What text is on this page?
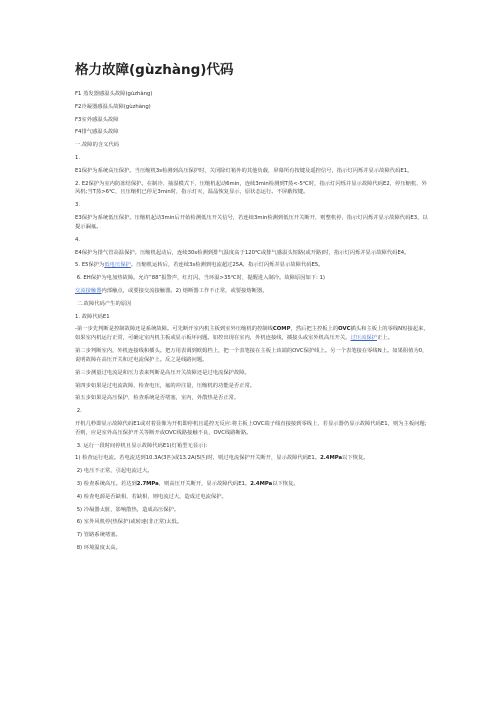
格力故障(gùzhàng)代码
F1 蒸发器感温头故障(gùzhàng)
F2冷凝器感温头故障(gùzhàng)
F3室外感温头故障
F4排气感温头故障
一.故障的含义代码
1.
E1保护为系统高压保护。当压缩机3s检测到高压保护时，关闭除灯箱外的其他负载，屏幕所有按键及遥控信号，指示灯闪烁并显示故障代码E1。
2. E2保护为室内防冻结保护。在制冷、抽湿模式下，压缩机起动6min，连续3min检测到T蒸<-5℃时，指示灯闪烁并显示故障代码E2，停压缩机、外风机;当T蒸>6℃，且压缩机已停足3min时，指示灯灭，温晶恢复显示，原状态运行。不屏蔽按键。
3.
E3保护为系统低压保护。压缩机起动3min后开始检测低压开关信号，若连续3min检测到低压开关断开，则整机停，指示灯闪烁并显示故障代码E3，以提示漏氟。
4.
E4保护为排气管高温保护。压缩机起动后，连续30s检测到排气温度高于120℃或排气感温头短路(或开路)时，指示灯闪烁并显示故障代码E4。
5. E5保护为低电压保护。压缩机运转后，若连续3s检测到电流超过25A，指示灯闪烁并显示故障代码E5。
6. EH保护为电加热故障。允许“88”报警声，红灯闪。当环温>35℃时，提醒进入制冷。故障原因如下: 1)
交流接触器内部触点，或要接交流接触器。2) 熔断器工作不正常，或要接熔断器。
二.故障代码产生的原因
1. 故障代码E1
-第一步先判断是控制故障还是系统故障。可先断开室内机主板到室外压缩机的控制线COMP，然后把主控板上的OVC插头和主板上的零线N短接起来，如果室内机运行正常，可确定室内机主板或显示板坏问题。如控出现在室内，外机连接线，插接头或室外机高压开关。过压流保护正上。
第二步判断室内，外机连接线和插头。把万用表调到欧姆档上，把一个表笔接在主板上该端的OVC保护线上。另一个表笔接在零线N上。如果阻值为0，说明故障在高压开关和过电流保护上。反之是线路问题。
第三步测量过电流是和压力表来判断是高压开关故障还是过电流保护故障。
第四步如果是过电流故障，检查电压，氟的冲注量，压缩机的功能是否正常。
第五步如果是高压保护，检查系统是否堵塞，室内，外散热是否正常。
2.
开机几秒即显示故障代码E1或对着显像为开机即停机且遥控无反应:将主板上OVC端子线直接接到零线上，若显示器仍显示故障代码E1，则为主板问题;否则，应是室外高压保护开关等断开或OVC线路接触不良，OVC线路断路。
3. 运行一段时间停机且显示故障代码E1(灯箱型无显示):
1) 检查运行电流。若电流达到10.3A(3匹)或13.2A(5匹)时，则过电流保护开关断开，显示故障代码E1。2.4MPa以下恢复。
2) 电压不正常，引起电流过大。
3) 检查系统高压。若达到2.7MPa，则高压开关断开，显示故障代码E1。2.4MPa以下恢复。
4) 检查电源是否缺相，若缺相，则电流过大，造成过电流保护。
5) 冷凝器太脏，影响散热，造成高压保护。
6) 室外风机停(热保护)或转速(非正常)太低。
7) 管路系统堵塞。
8) 环境温度太高。
